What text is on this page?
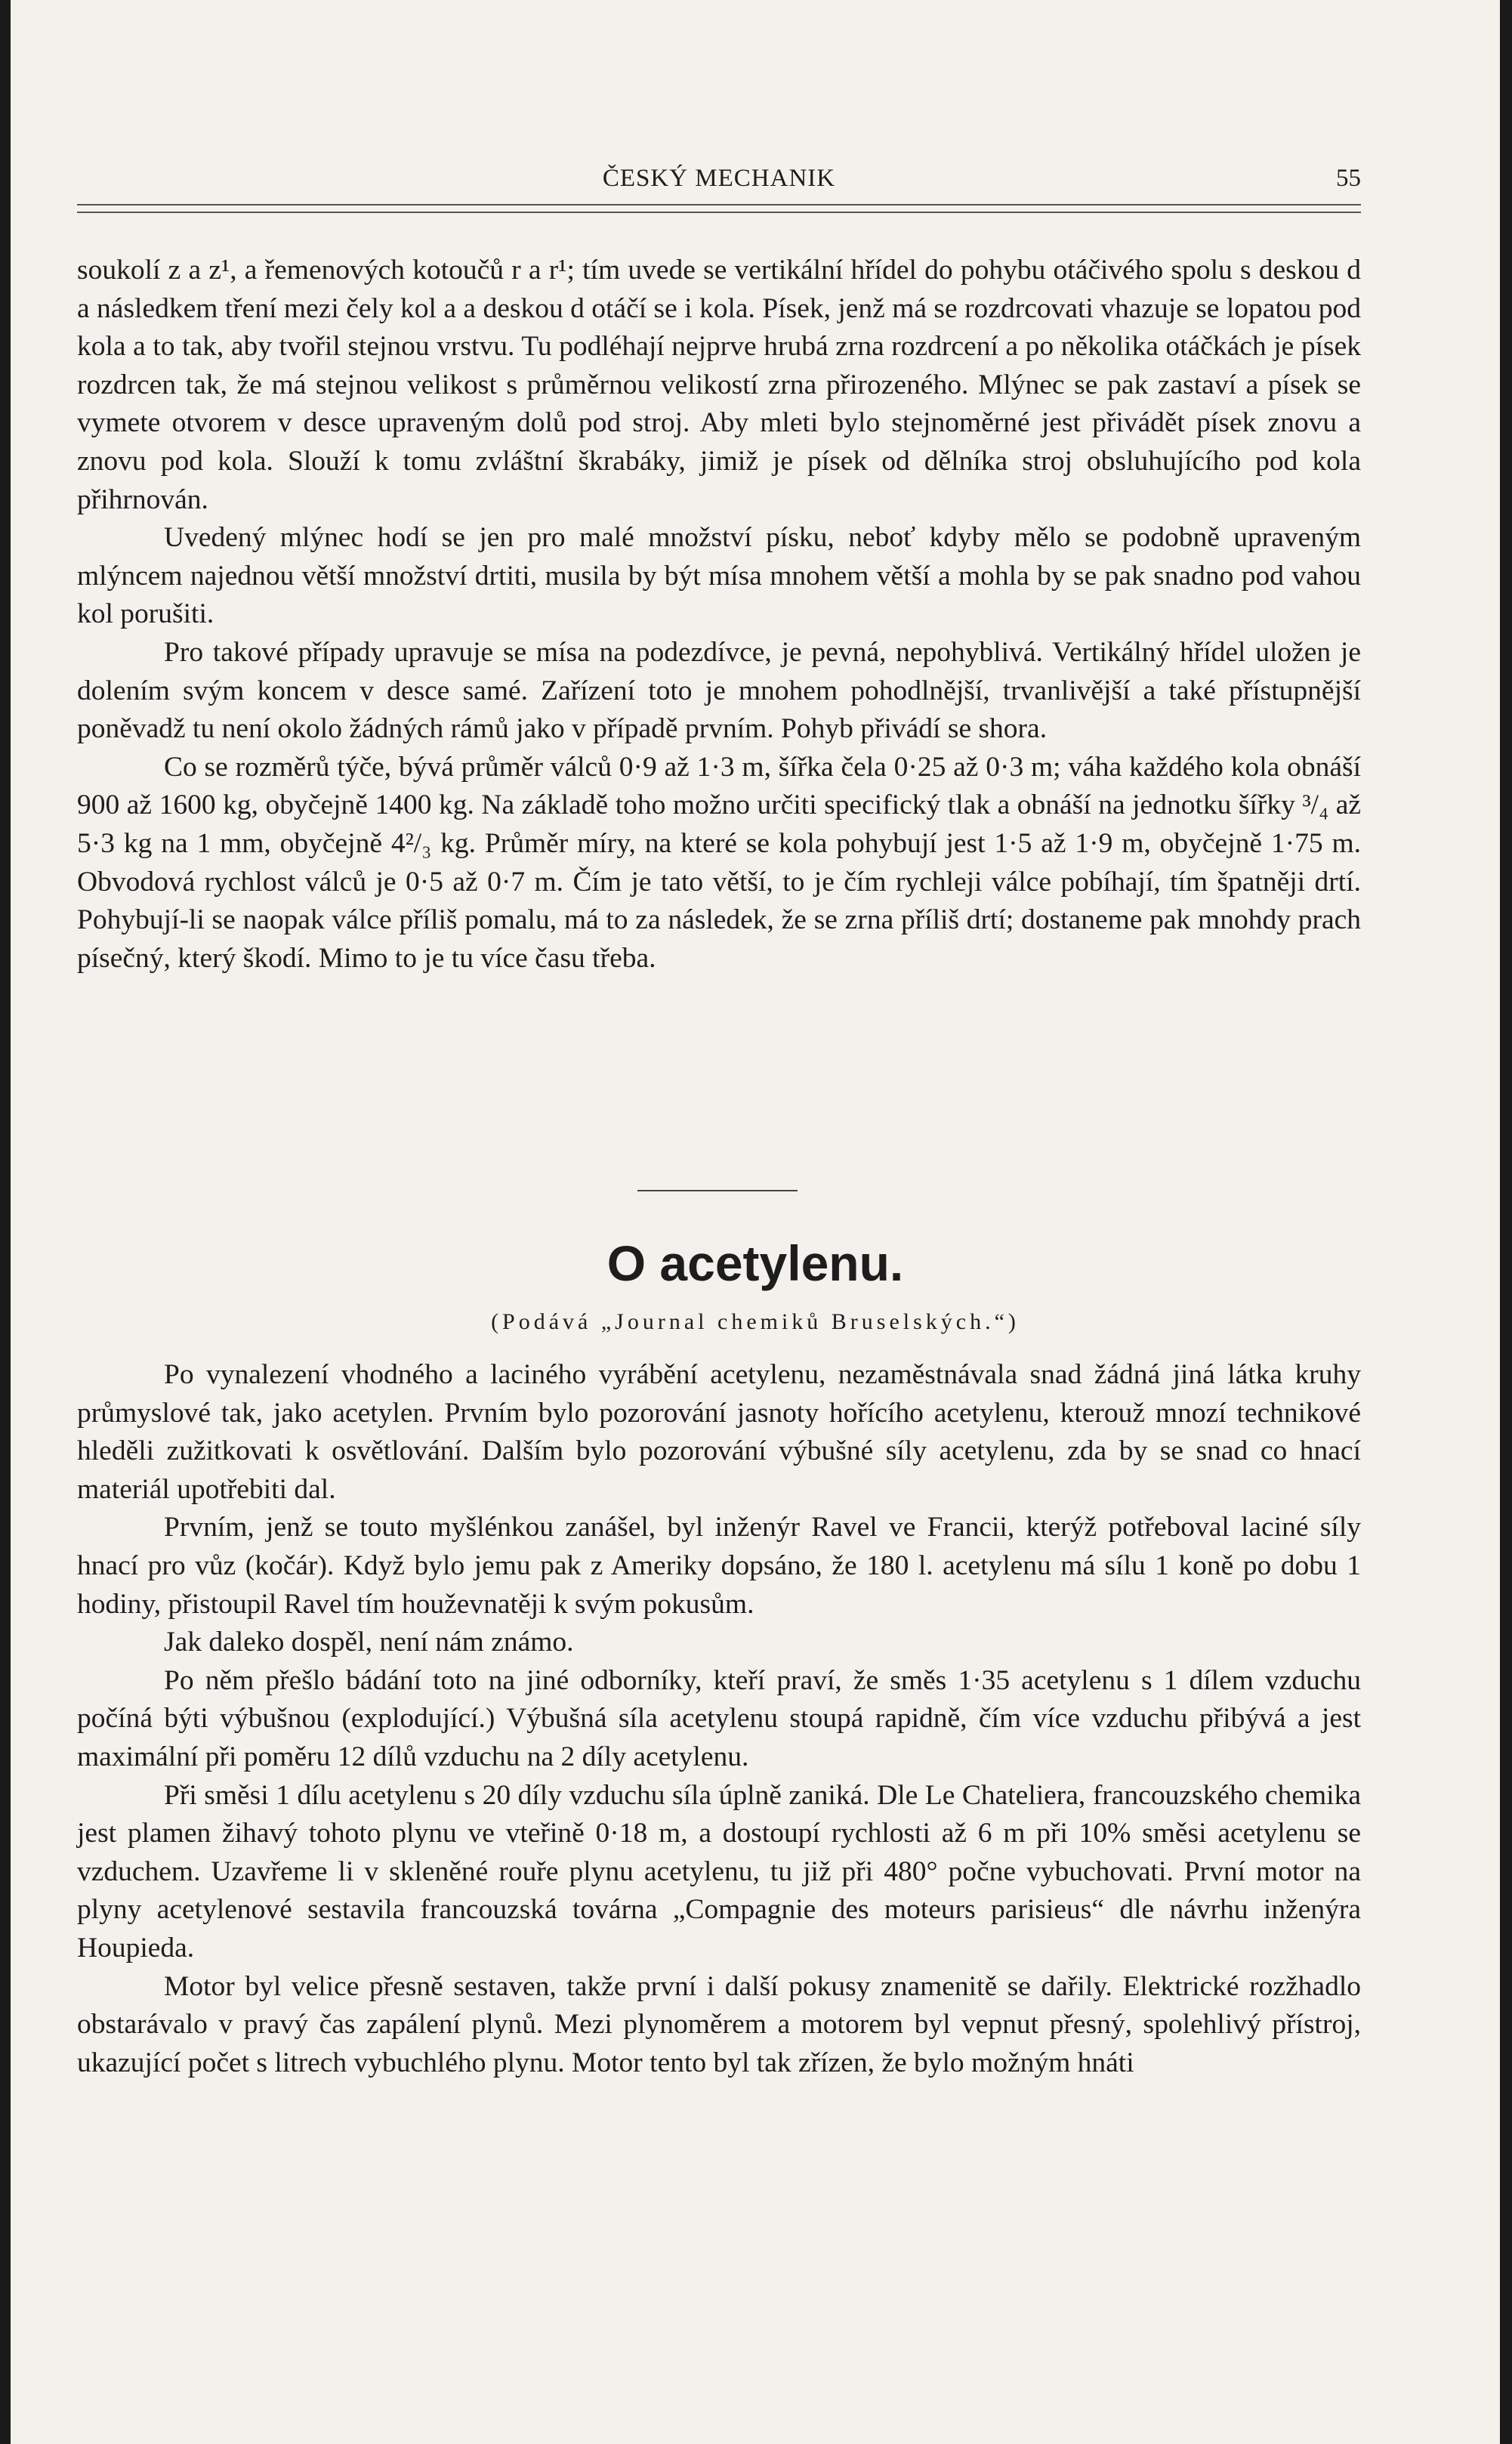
ČESKÝ MECHANIK	55

soukolí z a z¹, a řemenových kotoučů r a r¹; tím uvede se vertikální hřídel do pohybu otáčivého spolu s deskou d a následkem tření mezi čely kol a a deskou d otáčí se i kola. Písek, jenž má se rozdrcovati vhazuje se lopatou pod kola a to tak, aby tvořil stejnou vrstvu. Tu podléhají nejprve hrubá zrna rozdrcení a po několika otáčkách je písek rozdrcen tak, že má stejnou velikost s průměrnou velikostí zrna přirozeného. Mlýnec se pak zastaví a písek se vymete otvorem v desce upraveným dolů pod stroj. Aby mleti bylo stejnoměrné jest přivádět písek znovu a znovu pod kola. Slouží k tomu zvláštní škrabáky, jimiž je písek od dělníka stroj obsluhujícího pod kola přihrnován.

Uvedený mlýnec hodí se jen pro malé množství písku, neboť kdyby mělo se podobně upraveným mlýncem najednou větší množství drtiti, musila by být mísa mnohem větší a mohla by se pak snadno pod vahou kol porušiti.

Pro takové případy upravuje se mísa na podezdívce, je pevná, nepohyblivá. Vertikálný hřídel uložen je dolením svým koncem v desce samé. Zařízení toto je mnohem pohodlnější, trvanlivější a také přístupnější poněvadž tu není okolo žádných rámů jako v případě prvním. Pohyb přivádí se shora.

Co se rozměrů týče, bývá průměr válců 0·9 až 1·3 m, šířka čela 0·25 až 0·3 m; váha každého kola obnáší 900 až 1600 kg, obyčejně 1400 kg. Na základě toho možno určiti specifický tlak a obnáší na jednotku šířky ³/₄ až 5·3 kg na 1 mm, obyčejně 4²/₃ kg. Průměr míry, na které se kola pohybují jest 1·5 až 1·9 m, obyčejně 1·75 m. Obvodová rychlost válců je 0·5 až 0·7 m. Čím je tato větší, to je čím rychleji válce pobíhají, tím špatněji drtí. Pohybují-li se naopak válce příliš pomalu, má to za následek, že se zrna příliš drtí; dostaneme pak mnohdy prach písečný, který škodí. Mimo to je tu více času třeba.

O acetylenu.
(Podává „Journal chemiků Bruselských.“)

Po vynalezení vhodného a laciného vyrábění acetylenu, nezaměstnávala snad žádná jiná látka kruhy průmyslové tak, jako acetylen. Prvním bylo pozorování jasnoty hořícího acetylenu, kterouž mnozí technikové hleděli zužitkovati k osvětlování. Dalším bylo pozorování výbušné síly acetylenu, zda by se snad co hnací materiál upotřebiti dal.

Prvním, jenž se touto myšlénkou zanášel, byl inženýr Ravel ve Francii, kterýž potřeboval laciné síly hnací pro vůz (kočár). Když bylo jemu pak z Ameriky dopsáno, že 180 l. acetylenu má sílu 1 koně po dobu 1 hodiny, přistoupil Ravel tím houževnatěji k svým pokusům.

Jak daleko dospěl, není nám známo.

Po něm přešlo bádání toto na jiné odborníky, kteří praví, že směs 1·35 acetylenu s 1 dílem vzduchu počíná býti výbušnou (explodující.) Výbušná síla acetylenu stoupá rapidně, čím více vzduchu přibývá a jest maximální při poměru 12 dílů vzduchu na 2 díly acetylenu.

Při směsi 1 dílu acetylenu s 20 díly vzduchu síla úplně zaniká. Dle Le Chateliera, francouzského chemika jest plamen žihavý tohoto plynu ve vteřině 0·18 m, a dostoupí rychlosti až 6 m při 10% směsi acetylenu se vzduchem. Uzavřeme li v skleněné rouře plynu acetylenu, tu již při 480° počne vybuchovati. První motor na plyny acetylenové sestavila francouzská továrna „Compagnie des moteurs parisieus“ dle návrhu inženýra Houpieda.

Motor byl velice přesně sestaven, takže první i další pokusy znamenitě se dařily. Elektrické rozžhadlo obstarávalo v pravý čas zapálení plynů. Mezi plynoměrem a motorem byl vepnut přesný, spolehlivý přístroj, ukazující počet s litrech vybuchlého plynu. Motor tento byl tak zřízen, že bylo možným hnáti
